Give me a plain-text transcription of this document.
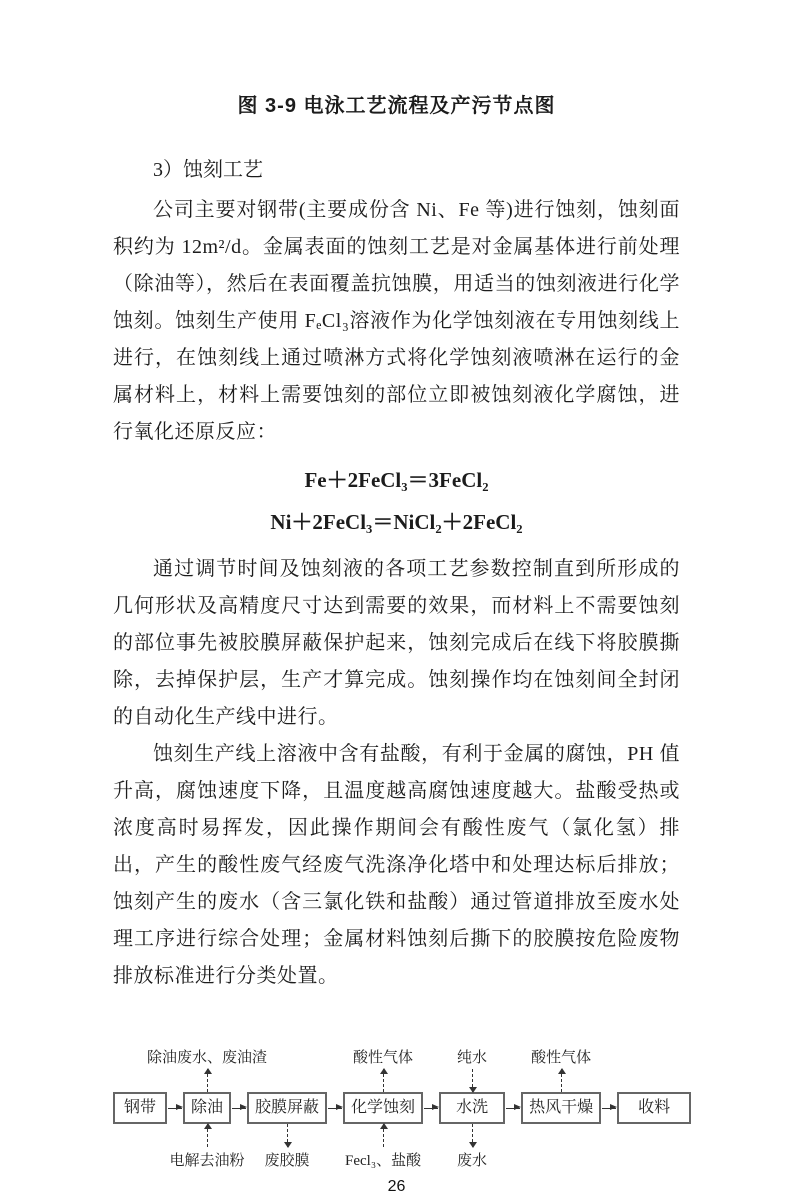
图 3-9 电泳工艺流程及产污节点图
3）蚀刻工艺

公司主要对钢带(主要成份含 Ni、Fe 等)进行蚀刻，蚀刻面积约为 12m²/d。金属表面的蚀刻工艺是对金属基体进行前处理（除油等），然后在表面覆盖抗蚀膜，用适当的蚀刻液进行化学蚀刻。蚀刻生产使用 FₑCl₃溶液作为化学蚀刻液在专用蚀刻线上进行，在蚀刻线上通过喷淋方式将化学蚀刻液喷淋在运行的金属材料上，材料上需要蚀刻的部位立即被蚀刻液化学腐蚀，进行氧化还原反应：

Fe＋2FeCl₃＝3FeCl₂
Ni＋2FeCl₃＝NiCl₂＋2FeCl₂

通过调节时间及蚀刻液的各项工艺参数控制直到所形成的几何形状及高精度尺寸达到需要的效果，而材料上不需要蚀刻的部位事先被胶膜屏蔽保护起来，蚀刻完成后在线下将胶膜撕除，去掉保护层，生产才算完成。蚀刻操作均在蚀刻间全封闭的自动化生产线中进行。

蚀刻生产线上溶液中含有盐酸，有利于金属的腐蚀，PH 值升高，腐蚀速度下降，且温度越高腐蚀速度越大。盐酸受热或浓度高时易挥发，因此操作期间会有酸性废气（氯化氢）排出，产生的酸性废气经废气洗涤净化塔中和处理达标后排放；蚀刻产生的废水（含三氯化铁和盐酸）通过管道排放至废水处理工序进行综合处理；金属材料蚀刻后撕下的胶膜按危险废物排放标准进行分类处置。

钢带
除油废水、废油渣
除油
电解去油粉
胶膜屏蔽
废胶膜
酸性气体
化学蚀刻
Fecl₃、盐酸
纯水
水洗
废水
酸性气体
热风干燥	收料
26
